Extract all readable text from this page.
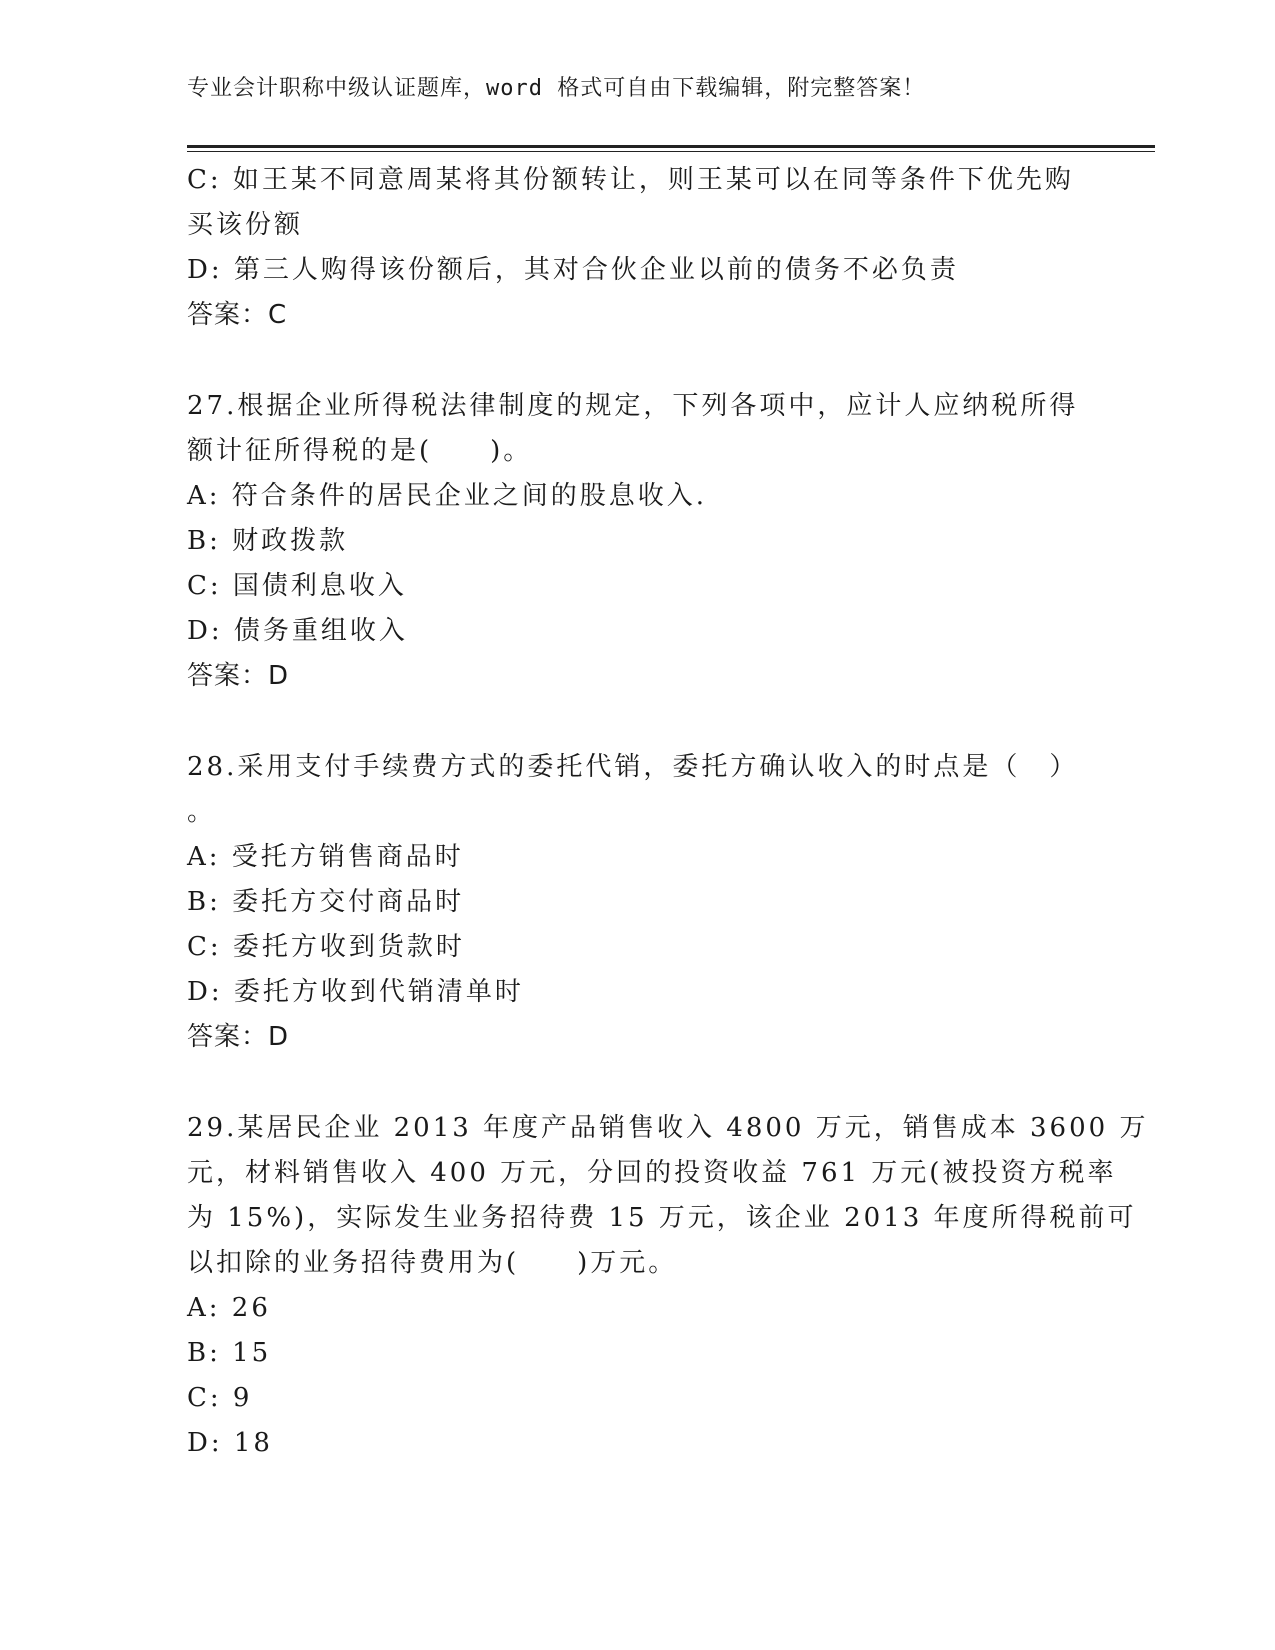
专业会计职称中级认证题库，word 格式可自由下载编辑，附完整答案！
C: 如王某不同意周某将其份额转让，则王某可以在同等条件下优先购
买该份额
D: 第三人购得该份额后，其对合伙企业以前的债务不必负责
答案：C
27.根据企业所得税法律制度的规定，下列各项中，应计人应纳税所得
额计征所得税的是(　　)。
A: 符合条件的居民企业之间的股息收入.
B: 财政拨款
C: 国债利息收入
D: 债务重组收入
答案：D
28.采用支付手续费方式的委托代销，委托方确认收入的时点是（　）
。
A: 受托方销售商品时
B: 委托方交付商品时
C: 委托方收到货款时
D: 委托方收到代销清单时
答案：D
29.某居民企业 2013 年度产品销售收入 4800 万元，销售成本 3600 万
元，材料销售收入 400 万元，分回的投资收益 761 万元(被投资方税率
为 15%)，实际发生业务招待费 15 万元，该企业 2013 年度所得税前可
以扣除的业务招待费用为(　　)万元。
A: 26
B: 15
C: 9
D: 18
